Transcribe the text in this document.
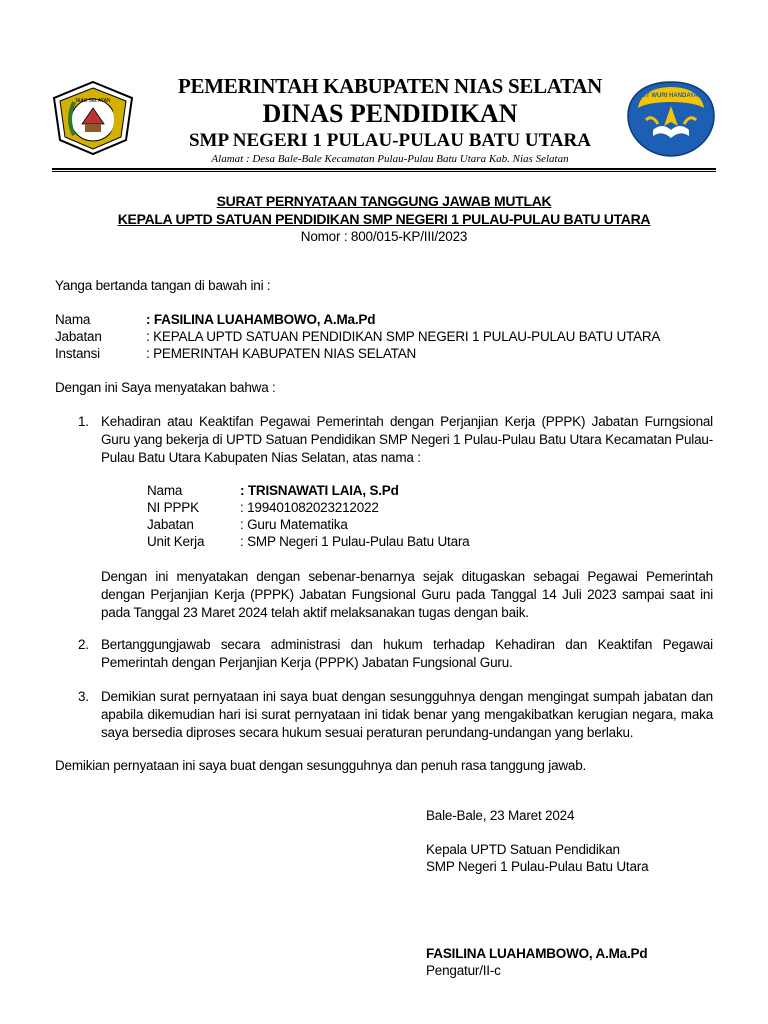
NIAS SELATAN
TUT WURI HANDAYANI
PEMERINTAH KABUPATEN NIAS SELATAN
DINAS PENDIDIKAN
SMP NEGERI 1 PULAU-PULAU BATU UTARA
Alamat : Desa Bale-Bale Kecamatan Pulau-Pulau Batu Utara Kab. Nias Selatan
SURAT PERNYATAAN TANGGUNG JAWAB MUTLAK
KEPALA UPTD SATUAN PENDIDIKAN SMP NEGERI 1 PULAU-PULAU BATU UTARA
Nomor : 800/015-KP/III/2023
Yanga bertanda tangan di bawah ini :
Nama	: FASILINA LUAHAMBOWO, A.Ma.Pd
Jabatan	: KEPALA UPTD SATUAN PENDIDIKAN SMP NEGERI 1 PULAU-PULAU BATU UTARA
Instansi	: PEMERINTAH KABUPATEN NIAS SELATAN
Dengan ini Saya menyatakan bahwa :
1. Kehadiran atau Keaktifan Pegawai Pemerintah dengan Perjanjian Kerja (PPPK) Jabatan Furngsional Guru yang bekerja di UPTD Satuan Pendidikan SMP Negeri 1 Pulau-Pulau Batu Utara Kecamatan Pulau-Pulau Batu Utara Kabupaten Nias Selatan, atas nama :
Nama	: TRISNAWATI LAIA, S.Pd
NI PPPK	: 199401082023212022
Jabatan	: Guru Matematika
Unit Kerja	: SMP Negeri 1 Pulau-Pulau Batu Utara
Dengan ini menyatakan dengan sebenar-benarnya sejak ditugaskan sebagai Pegawai Pemerintah dengan Perjanjian Kerja (PPPK) Jabatan Fungsional Guru pada Tanggal 14 Juli 2023 sampai saat ini pada Tanggal 23 Maret 2024 telah aktif melaksanakan tugas dengan baik.
2. Bertanggungjawab secara administrasi dan hukum terhadap Kehadiran dan Keaktifan Pegawai Pemerintah dengan Perjanjian Kerja (PPPK) Jabatan Fungsional Guru.
3. Demikian surat pernyataan ini saya buat dengan sesungguhnya dengan mengingat sumpah jabatan dan apabila dikemudian hari isi surat pernyataan ini tidak benar yang mengakibatkan kerugian negara, maka saya bersedia diproses secara hukum sesuai peraturan perundang-undangan yang berlaku.
Demikian pernyataan ini saya buat dengan sesungguhnya dan penuh rasa tanggung jawab.
Bale-Bale, 23 Maret 2024
Kepala UPTD Satuan Pendidikan
SMP Negeri 1 Pulau-Pulau Batu Utara
FASILINA LUAHAMBOWO, A.Ma.Pd
Pengatur/II-c
